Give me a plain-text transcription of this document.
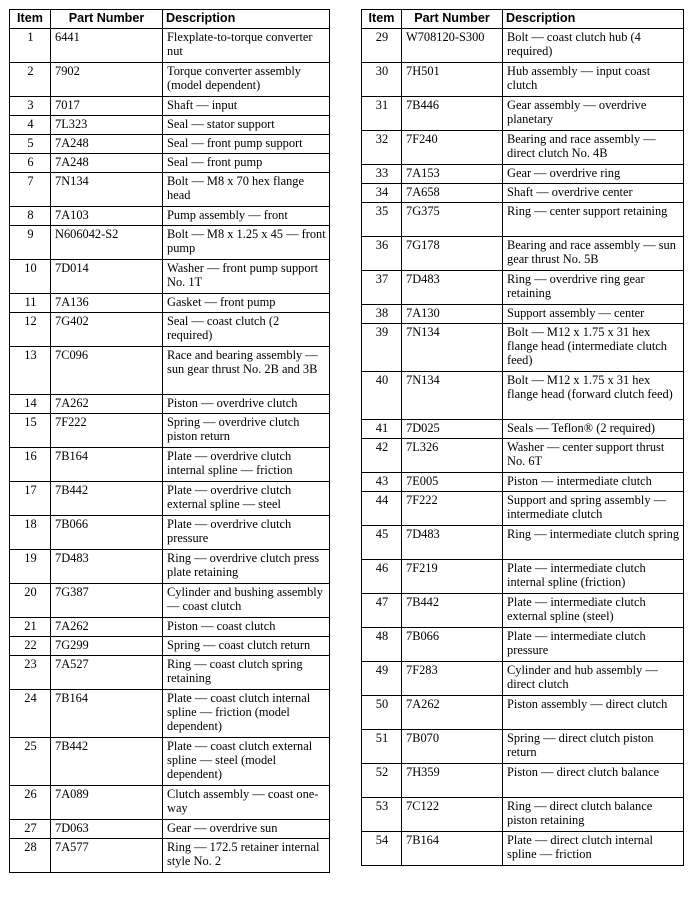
Item	Part Number	Description
1	6441	Flexplate-to-torque converter nut
2	7902	Torque converter assembly (model dependent)
3	7017	Shaft — input
4	7L323	Seal — stator support
5	7A248	Seal — front pump support
6	7A248	Seal — front pump
7	7N134	Bolt — M8 x 70 hex flange head
8	7A103	Pump assembly — front
9	N606042-S2	Bolt — M8 x 1.25 x 45 — front pump
10	7D014	Washer — front pump support No. 1T
11	7A136	Gasket — front pump
12	7G402	Seal — coast clutch (2 required)
13	7C096	Race and bearing assembly — sun gear thrust No. 2B and 3B
14	7A262	Piston — overdrive clutch
15	7F222	Spring — overdrive clutch piston return
16	7B164	Plate — overdrive clutch internal spline — friction
17	7B442	Plate — overdrive clutch external spline — steel
18	7B066	Plate — overdrive clutch pressure
19	7D483	Ring — overdrive clutch press plate retaining
20	7G387	Cylinder and bushing assembly — coast clutch
21	7A262	Piston — coast clutch
22	7G299	Spring — coast clutch return
23	7A527	Ring — coast clutch spring retaining
24	7B164	Plate — coast clutch internal spline — friction (model dependent)
25	7B442	Plate — coast clutch external spline — steel (model dependent)
26	7A089	Clutch assembly — coast one-way
27	7D063	Gear — overdrive sun
28	7A577	Ring — 172.5 retainer internal style No. 2
Item	Part Number	Description
29	W708120-S300	Bolt — coast clutch hub (4 required)
30	7H501	Hub assembly — input coast clutch
31	7B446	Gear assembly — overdrive planetary
32	7F240	Bearing and race assembly — direct clutch No. 4B
33	7A153	Gear — overdrive ring
34	7A658	Shaft — overdrive center
35	7G375	Ring — center support retaining
36	7G178	Bearing and race assembly — sun gear thrust No. 5B
37	7D483	Ring — overdrive ring gear retaining
38	7A130	Support assembly — center
39	7N134	Bolt — M12 x 1.75 x 31 hex flange head (intermediate clutch feed)
40	7N134	Bolt — M12 x 1.75 x 31 hex flange head (forward clutch feed)
41	7D025	Seals — Teflon® (2 required)
42	7L326	Washer — center support thrust No. 6T
43	7E005	Piston — intermediate clutch
44	7F222	Support and spring assembly — intermediate clutch
45	7D483	Ring — intermediate clutch spring
46	7F219	Plate — intermediate clutch internal spline (friction)
47	7B442	Plate — intermediate clutch external spline (steel)
48	7B066	Plate — intermediate clutch pressure
49	7F283	Cylinder and hub assembly — direct clutch
50	7A262	Piston assembly — direct clutch
51	7B070	Spring — direct clutch piston return
52	7H359	Piston — direct clutch balance
53	7C122	Ring — direct clutch balance piston retaining
54	7B164	Plate — direct clutch internal spline — friction
